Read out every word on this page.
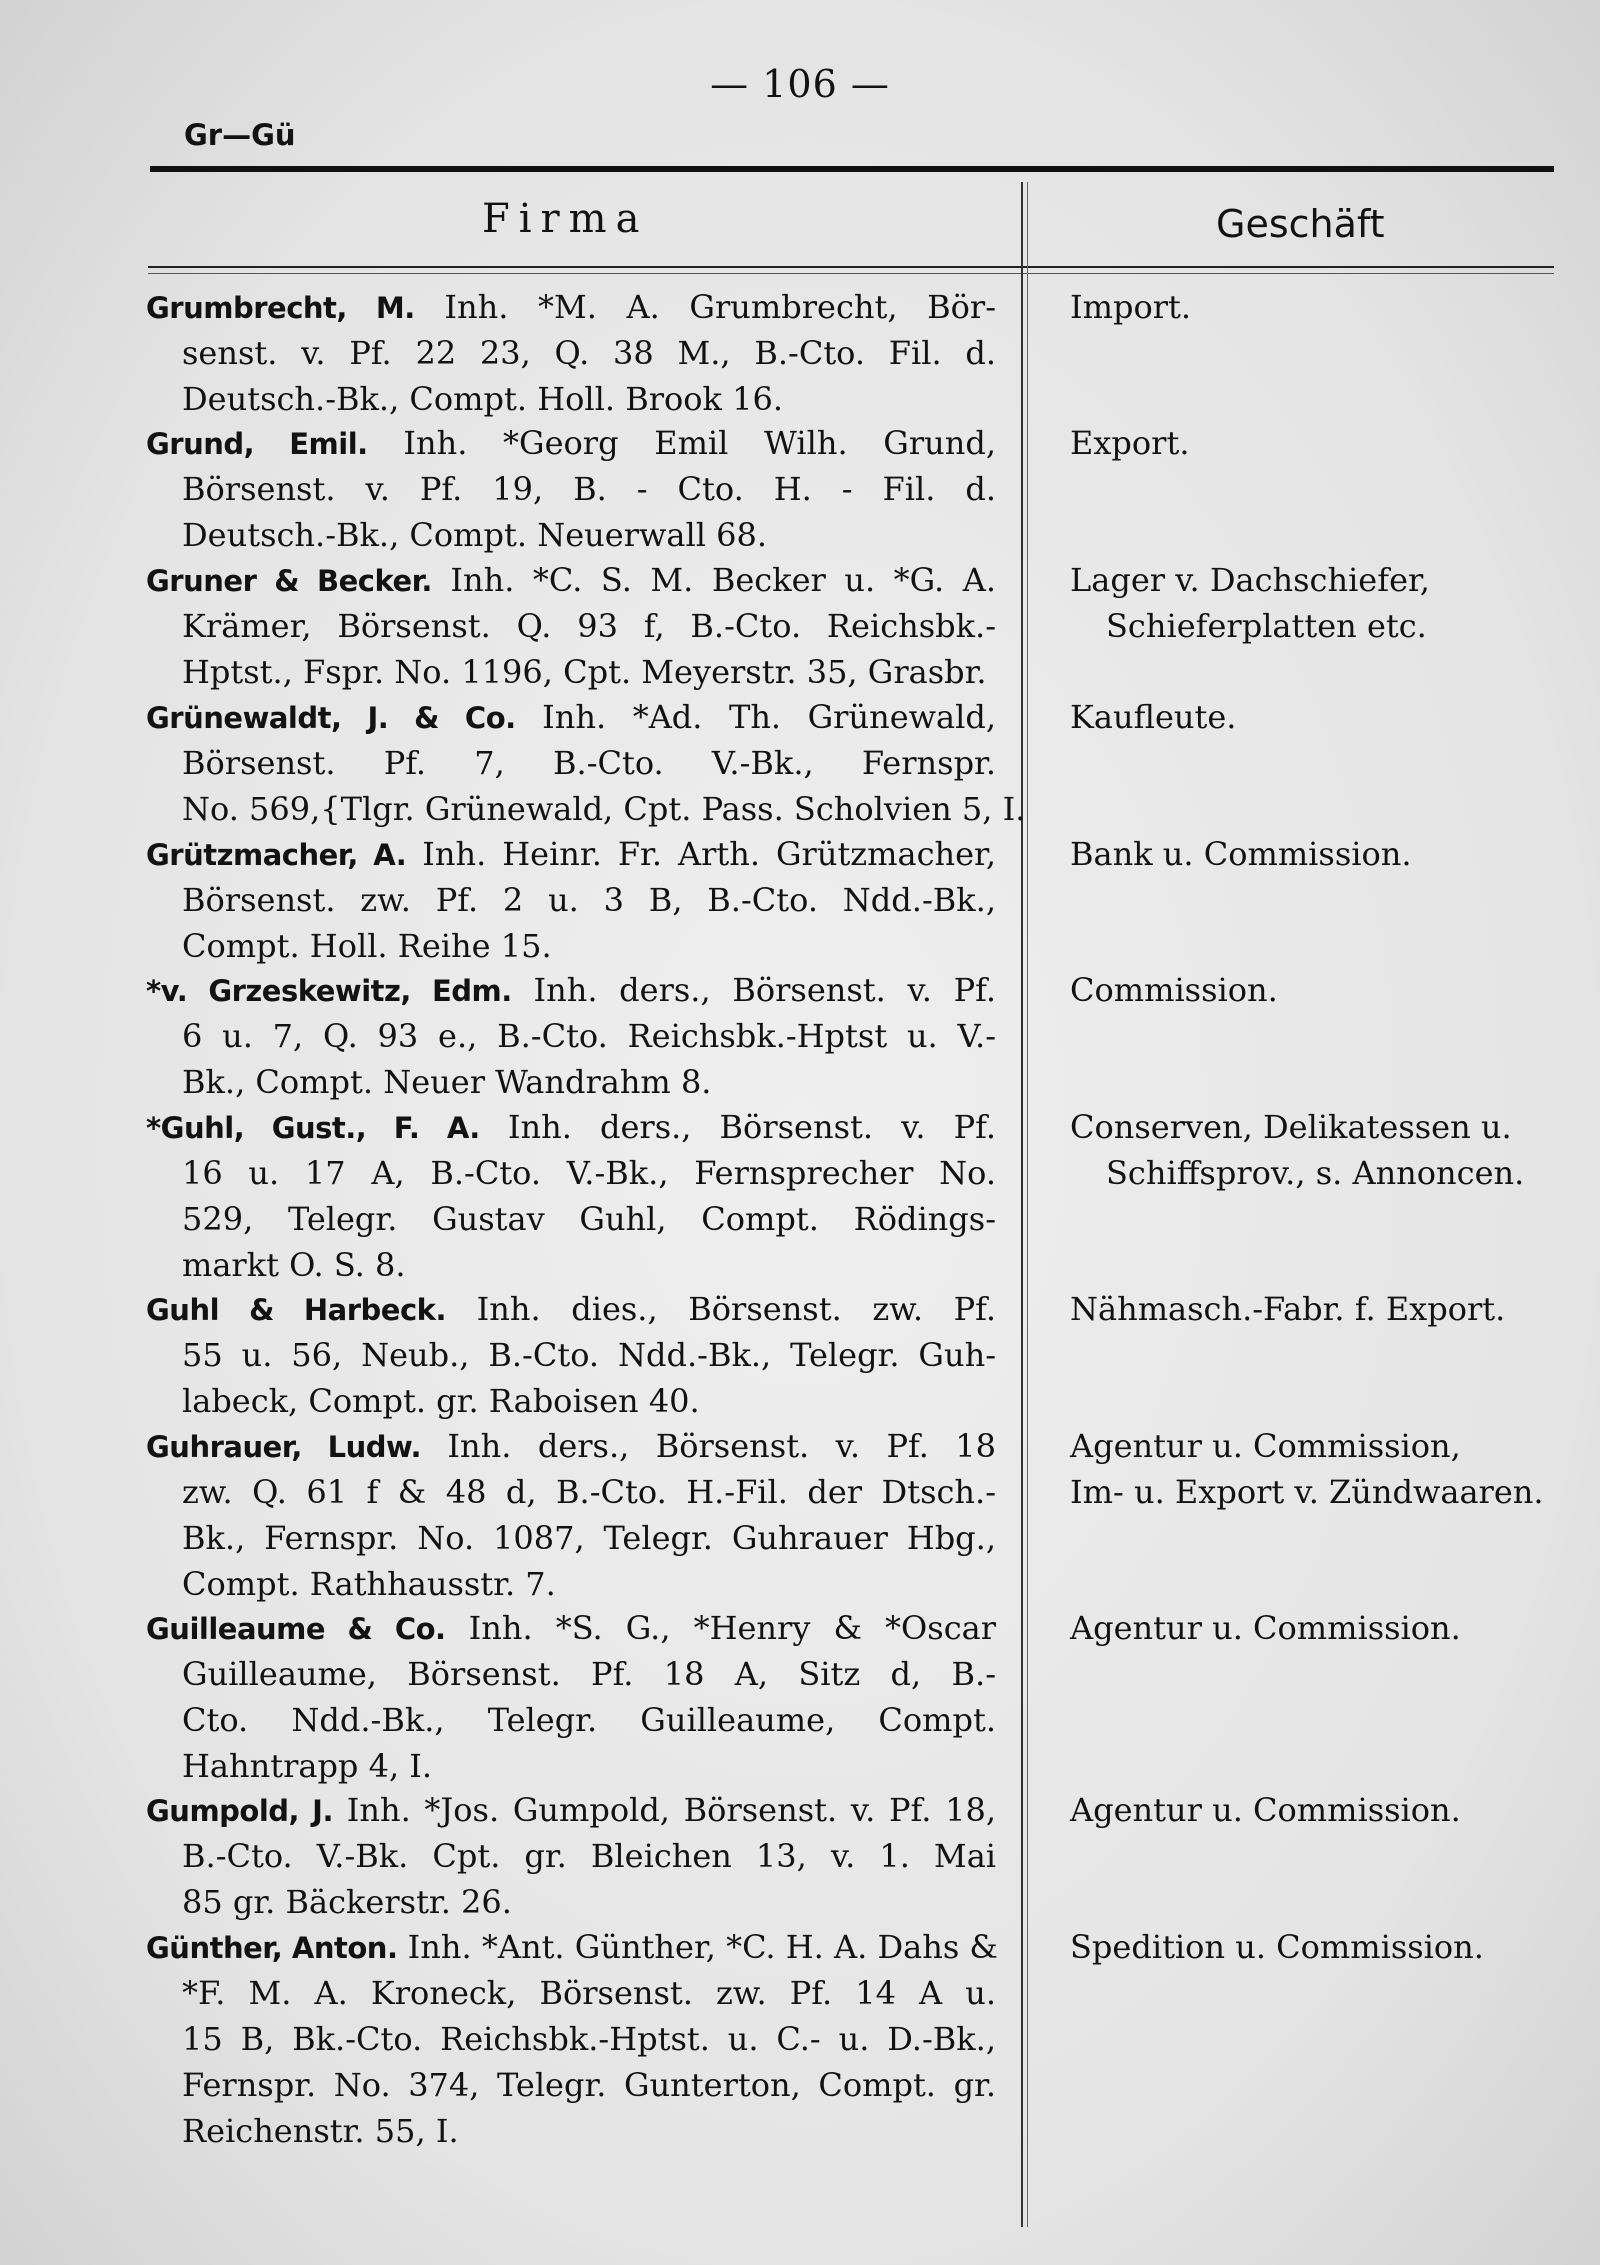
— 106 —
Gr—Gü
Firma	Geschäft
Grumbrecht, M. Inh. *M. A. Grumbrecht, Bör-
senst. v. Pf. 22 23, Q. 38 M., B.-Cto. Fil. d.
Deutsch.-Bk., Compt. Holl. Brook 16.
Import.
Grund, Emil. Inh. *Georg Emil Wilh. Grund,
Börsenst. v. Pf. 19, B. - Cto. H. - Fil. d.
Deutsch.-Bk., Compt. Neuerwall 68.
Export.
Gruner & Becker. Inh. *C. S. M. Becker u. *G. A.
Krämer, Börsenst. Q. 93 f, B.-Cto. Reichsbk.-
Hptst., Fspr. No. 1196, Cpt. Meyerstr. 35, Grasbr.
Lager v. Dachschiefer,
Schieferplatten etc.
Grünewaldt, J. & Co. Inh. *Ad. Th. Grünewald,
Börsenst. Pf. 7, B.-Cto. V.-Bk., Fernspr.
No. 569,{Tlgr. Grünewald, Cpt. Pass. Scholvien 5, I.
Kaufleute.
Grützmacher, A. Inh. Heinr. Fr. Arth. Grützmacher,
Börsenst. zw. Pf. 2 u. 3 B, B.-Cto. Ndd.-Bk.,
Compt. Holl. Reihe 15.
Bank u. Commission.
*v. Grzeskewitz, Edm. Inh. ders., Börsenst. v. Pf.
6 u. 7, Q. 93 e., B.-Cto. Reichsbk.-Hptst u. V.-
Bk., Compt. Neuer Wandrahm 8.
Commission.
*Guhl, Gust., F. A. Inh. ders., Börsenst. v. Pf.
16 u. 17 A, B.-Cto. V.-Bk., Fernsprecher No.
529, Telegr. Gustav Guhl, Compt. Rödings-
markt O. S. 8.
Conserven, Delikatessen u.
Schiffsprov., s. Annoncen.
Guhl & Harbeck. Inh. dies., Börsenst. zw. Pf.
55 u. 56, Neub., B.-Cto. Ndd.-Bk., Telegr. Guh-
labeck, Compt. gr. Raboisen 40.
Nähmasch.-Fabr. f. Export.
Guhrauer, Ludw. Inh. ders., Börsenst. v. Pf. 18
zw. Q. 61 f & 48 d, B.-Cto. H.-Fil. der Dtsch.-
Bk., Fernspr. No. 1087, Telegr. Guhrauer Hbg.,
Compt. Rathhausstr. 7.
Agentur u. Commission,
Im- u. Export v. Zündwaaren.
Guilleaume & Co. Inh. *S. G., *Henry & *Oscar
Guilleaume, Börsenst. Pf. 18 A, Sitz d, B.-
Cto. Ndd.-Bk., Telegr. Guilleaume, Compt.
Hahntrapp 4, I.
Agentur u. Commission.
Gumpold, J. Inh. *Jos. Gumpold, Börsenst. v. Pf. 18,
B.-Cto. V.-Bk. Cpt. gr. Bleichen 13, v. 1. Mai
85 gr. Bäckerstr. 26.
Agentur u. Commission.
Günther, Anton. Inh. *Ant. Günther, *C. H. A. Dahs &
*F. M. A. Kroneck, Börsenst. zw. Pf. 14 A u.
15 B, Bk.-Cto. Reichsbk.-Hptst. u. C.- u. D.-Bk.,
Fernspr. No. 374, Telegr. Gunterton, Compt. gr.
Reichenstr. 55, I.
Spedition u. Commission.
